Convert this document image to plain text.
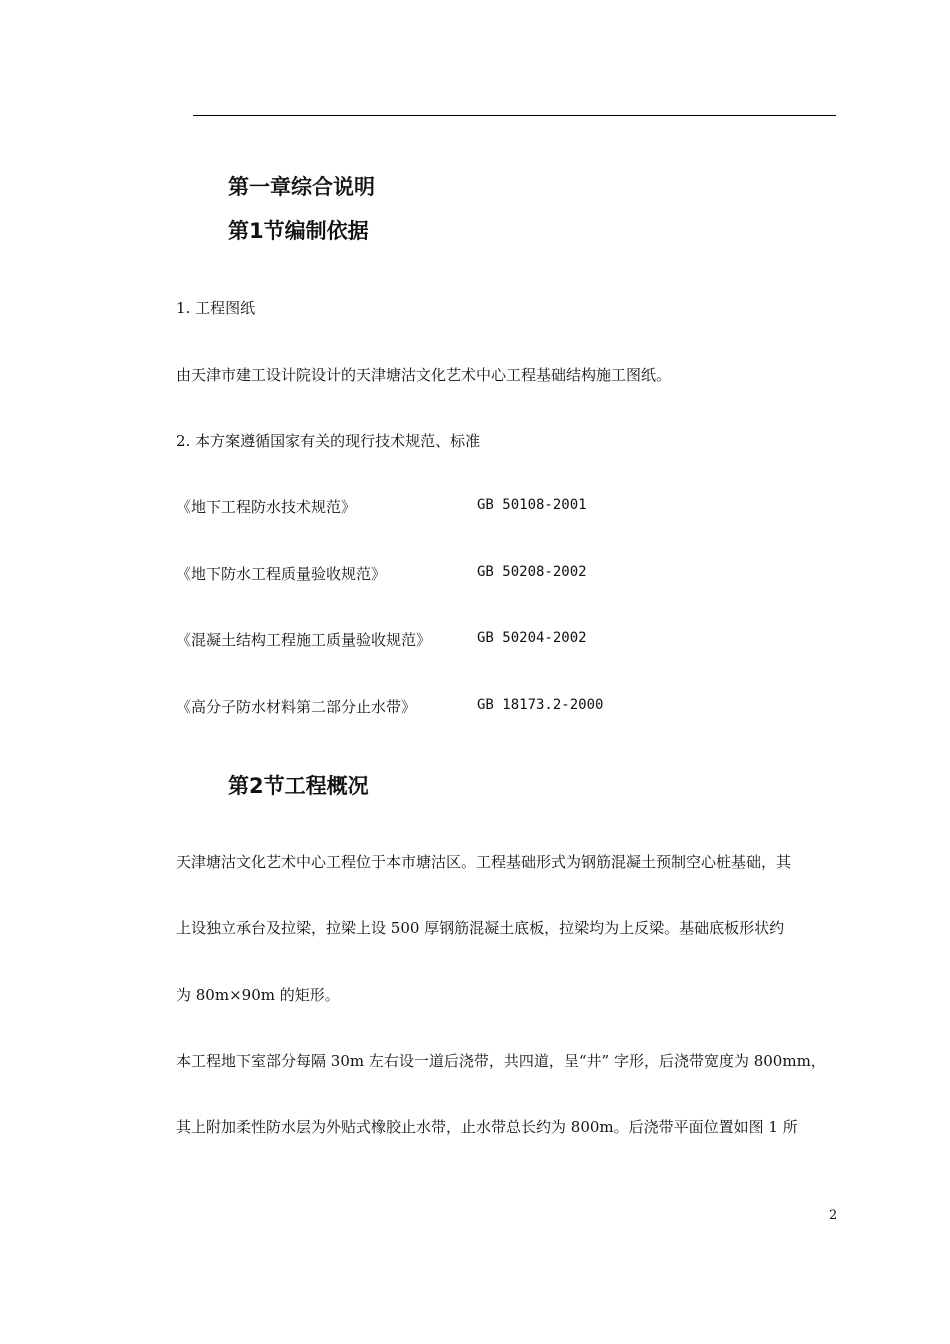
第一章综合说明
第1节编制依据
1. 工程图纸
由天津市建工设计院设计的天津塘沽文化艺术中心工程基础结构施工图纸。
2. 本方案遵循国家有关的现行技术规范、标准
《地下工程防水技术规范》	GB 50108-2001
《地下防水工程质量验收规范》	GB 50208-2002
《混凝土结构工程施工质量验收规范》	GB 50204-2002
《高分子防水材料第二部分止水带》	GB 18173.2-2000
第2节工程概况
天津塘沽文化艺术中心工程位于本市塘沽区。工程基础形式为钢筋混凝土预制空心桩基础，其
上设独立承台及拉梁，拉梁上设 500 厚钢筋混凝土底板，拉梁均为上反梁。基础底板形状约
为 80m×90m 的矩形。
本工程地下室部分每隔 30m 左右设一道后浇带，共四道，呈“井” 字形，后浇带宽度为 800mm，
其上附加柔性防水层为外贴式橡胶止水带，止水带总长约为 800m。后浇带平面位置如图 1 所
2
